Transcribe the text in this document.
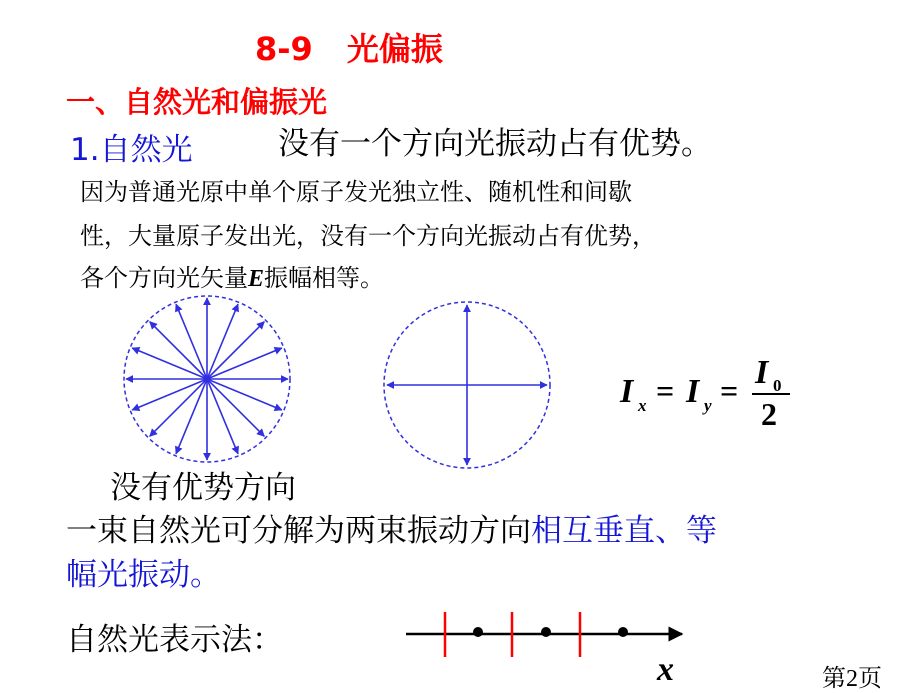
8-9 光偏振
一、自然光和偏振光
1.自然光	没有一个方向光振动占有优势。
因为普通光原中单个原子发光独立性、随机性和间歇
性，大量原子发出光，没有一个方向光振动占有优势，
各个方向光矢量E振幅相等。
I x = I y = I 0
2
x
没有优势方向
一束自然光可分解为两束振动方向相互垂直、等
幅光振动。
自然光表示法：
第2页
